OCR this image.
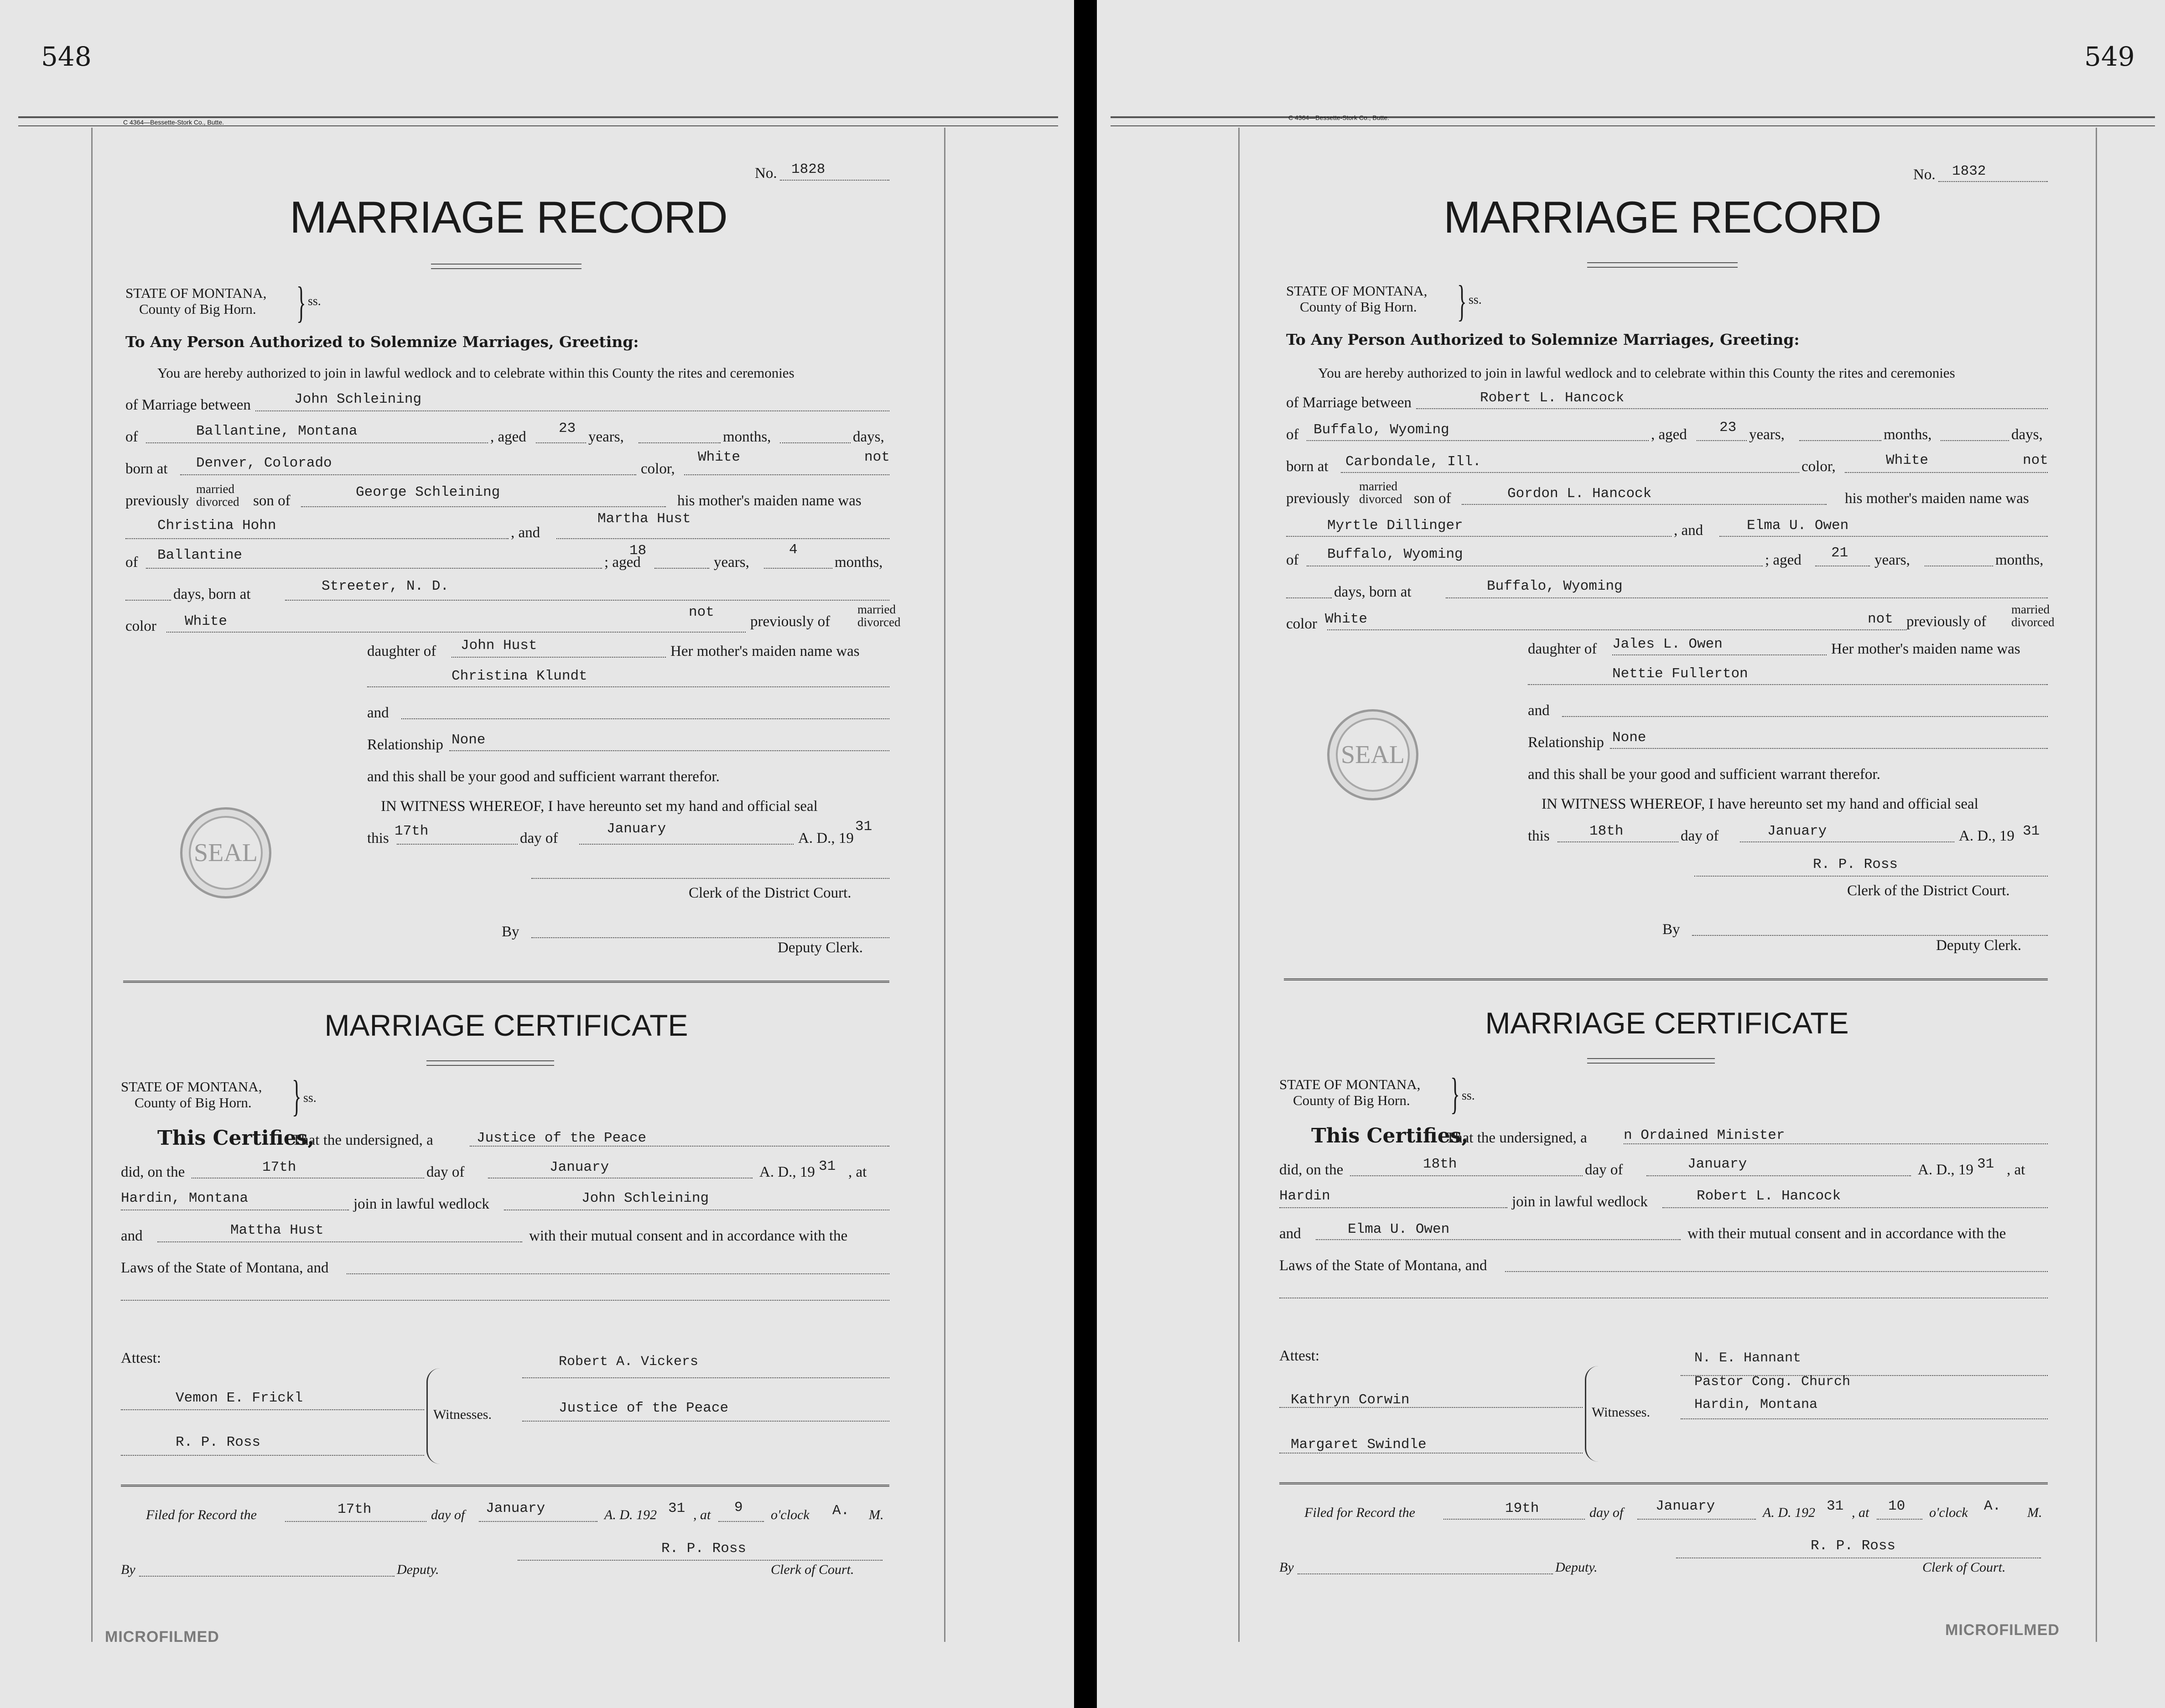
548
C 4364—Bessette-Stork Co., Butte.
No. 1828
MARRIAGE RECORD
STATE OF MONTANA,
County of Big Horn. } ss.
To Any Person Authorized to Solemnize Marriages, Greeting:
You are hereby authorized to join in lawful wedlock and to celebrate within this County the rites and ceremonies
of Marriage between	John Schleining
of	Ballantine, Montana	, aged
23
years,	months,	days,
born at Denver, Colorado	color,
White	not
previously
married
divorced son of
George Schleining
his mother's maiden name was
Christina Hohn	, and
Martha Hust
of Ballantine	; aged
18
years,
4
months,
days, born at	Streeter, N. D.
color White
not
previously of
married
divorced
daughter of John Hust	Her mother's maiden name was
Christina Klundt
and
Relationship None
and this shall be your good and sufficient warrant therefor.
IN WITNESS WHEREOF, I have hereunto set my hand and official seal
this 17th	day of
January
A. D., 19
31
Clerk of the District Court.
SEAL
By
Deputy Clerk.
MARRIAGE CERTIFICATE
STATE OF MONTANA,
County of Big Horn. } ss.
This Certifies,
That the undersigned, a	Justice of the Peace
did, on the	17th	day of	January	A. D., 19 31 , at
Hardin, Montana	join in lawful wedlock	John Schleining
and	Mattha Hust	with their mutual consent and in accordance with the
Laws of the State of Montana, and
Attest:
Vemon E. Frickl
R. P. Ross
Witnesses.
Robert A. Vickers
Justice of the Peace
Filed for Record the	17th	day of January	A. D. 192 31 , at 9 o'clock A. M.
R. P. Ross
By	Deputy.	Clerk of Court.
MICROFILMED
549
C 4364—Bessette-Stork Co., Butte.
No. 1832
MARRIAGE RECORD
STATE OF MONTANA,
County of Big Horn. } ss.
To Any Person Authorized to Solemnize Marriages, Greeting:
You are hereby authorized to join in lawful wedlock and to celebrate within this County the rites and ceremonies
of Marriage between	Robert L. Hancock
of Buffalo, Wyoming	, aged 23 years,	months,	days,
born at Carbondale, Ill.	color,	White	not
previously
married
divorced son of	Gordon L. Hancock	his mother's maiden name was
Myrtle Dillinger	, and	Elma U. Owen
of Buffalo, Wyoming	; aged 21 years,	months,
days, born at	Buffalo, Wyoming
color White	not previously of
married
divorced
daughter of Jales L. Owen	Her mother's maiden name was
Nettie Fullerton
and
Relationship None
and this shall be your good and sufficient warrant therefor.
IN WITNESS WHEREOF, I have hereunto set my hand and official seal
this	18th	day of	January	A. D., 19 31
R. P. Ross
Clerk of the District Court.
SEAL
By
Deputy Clerk.
MARRIAGE CERTIFICATE
STATE OF MONTANA,
County of Big Horn. } ss.
This Certifies,
That the undersigned, a	n Ordained Minister
did, on the	18th	day of	January	A. D., 19 31 , at
Hardin	join in lawful wedlock	Robert L. Hancock
and	Elma U. Owen	with their mutual consent and in accordance with the
Laws of the State of Montana, and
Attest:
Kathryn Corwin
Margaret Swindle
Witnesses.
N. E. Hannant
Pastor Cong. Church
Hardin, Montana
Filed for Record the	19th	day of January	A. D. 192 31 , at 10 o'clock A. M.
R. P. Ross
By	Deputy.	Clerk of Court.
MICROFILMED
